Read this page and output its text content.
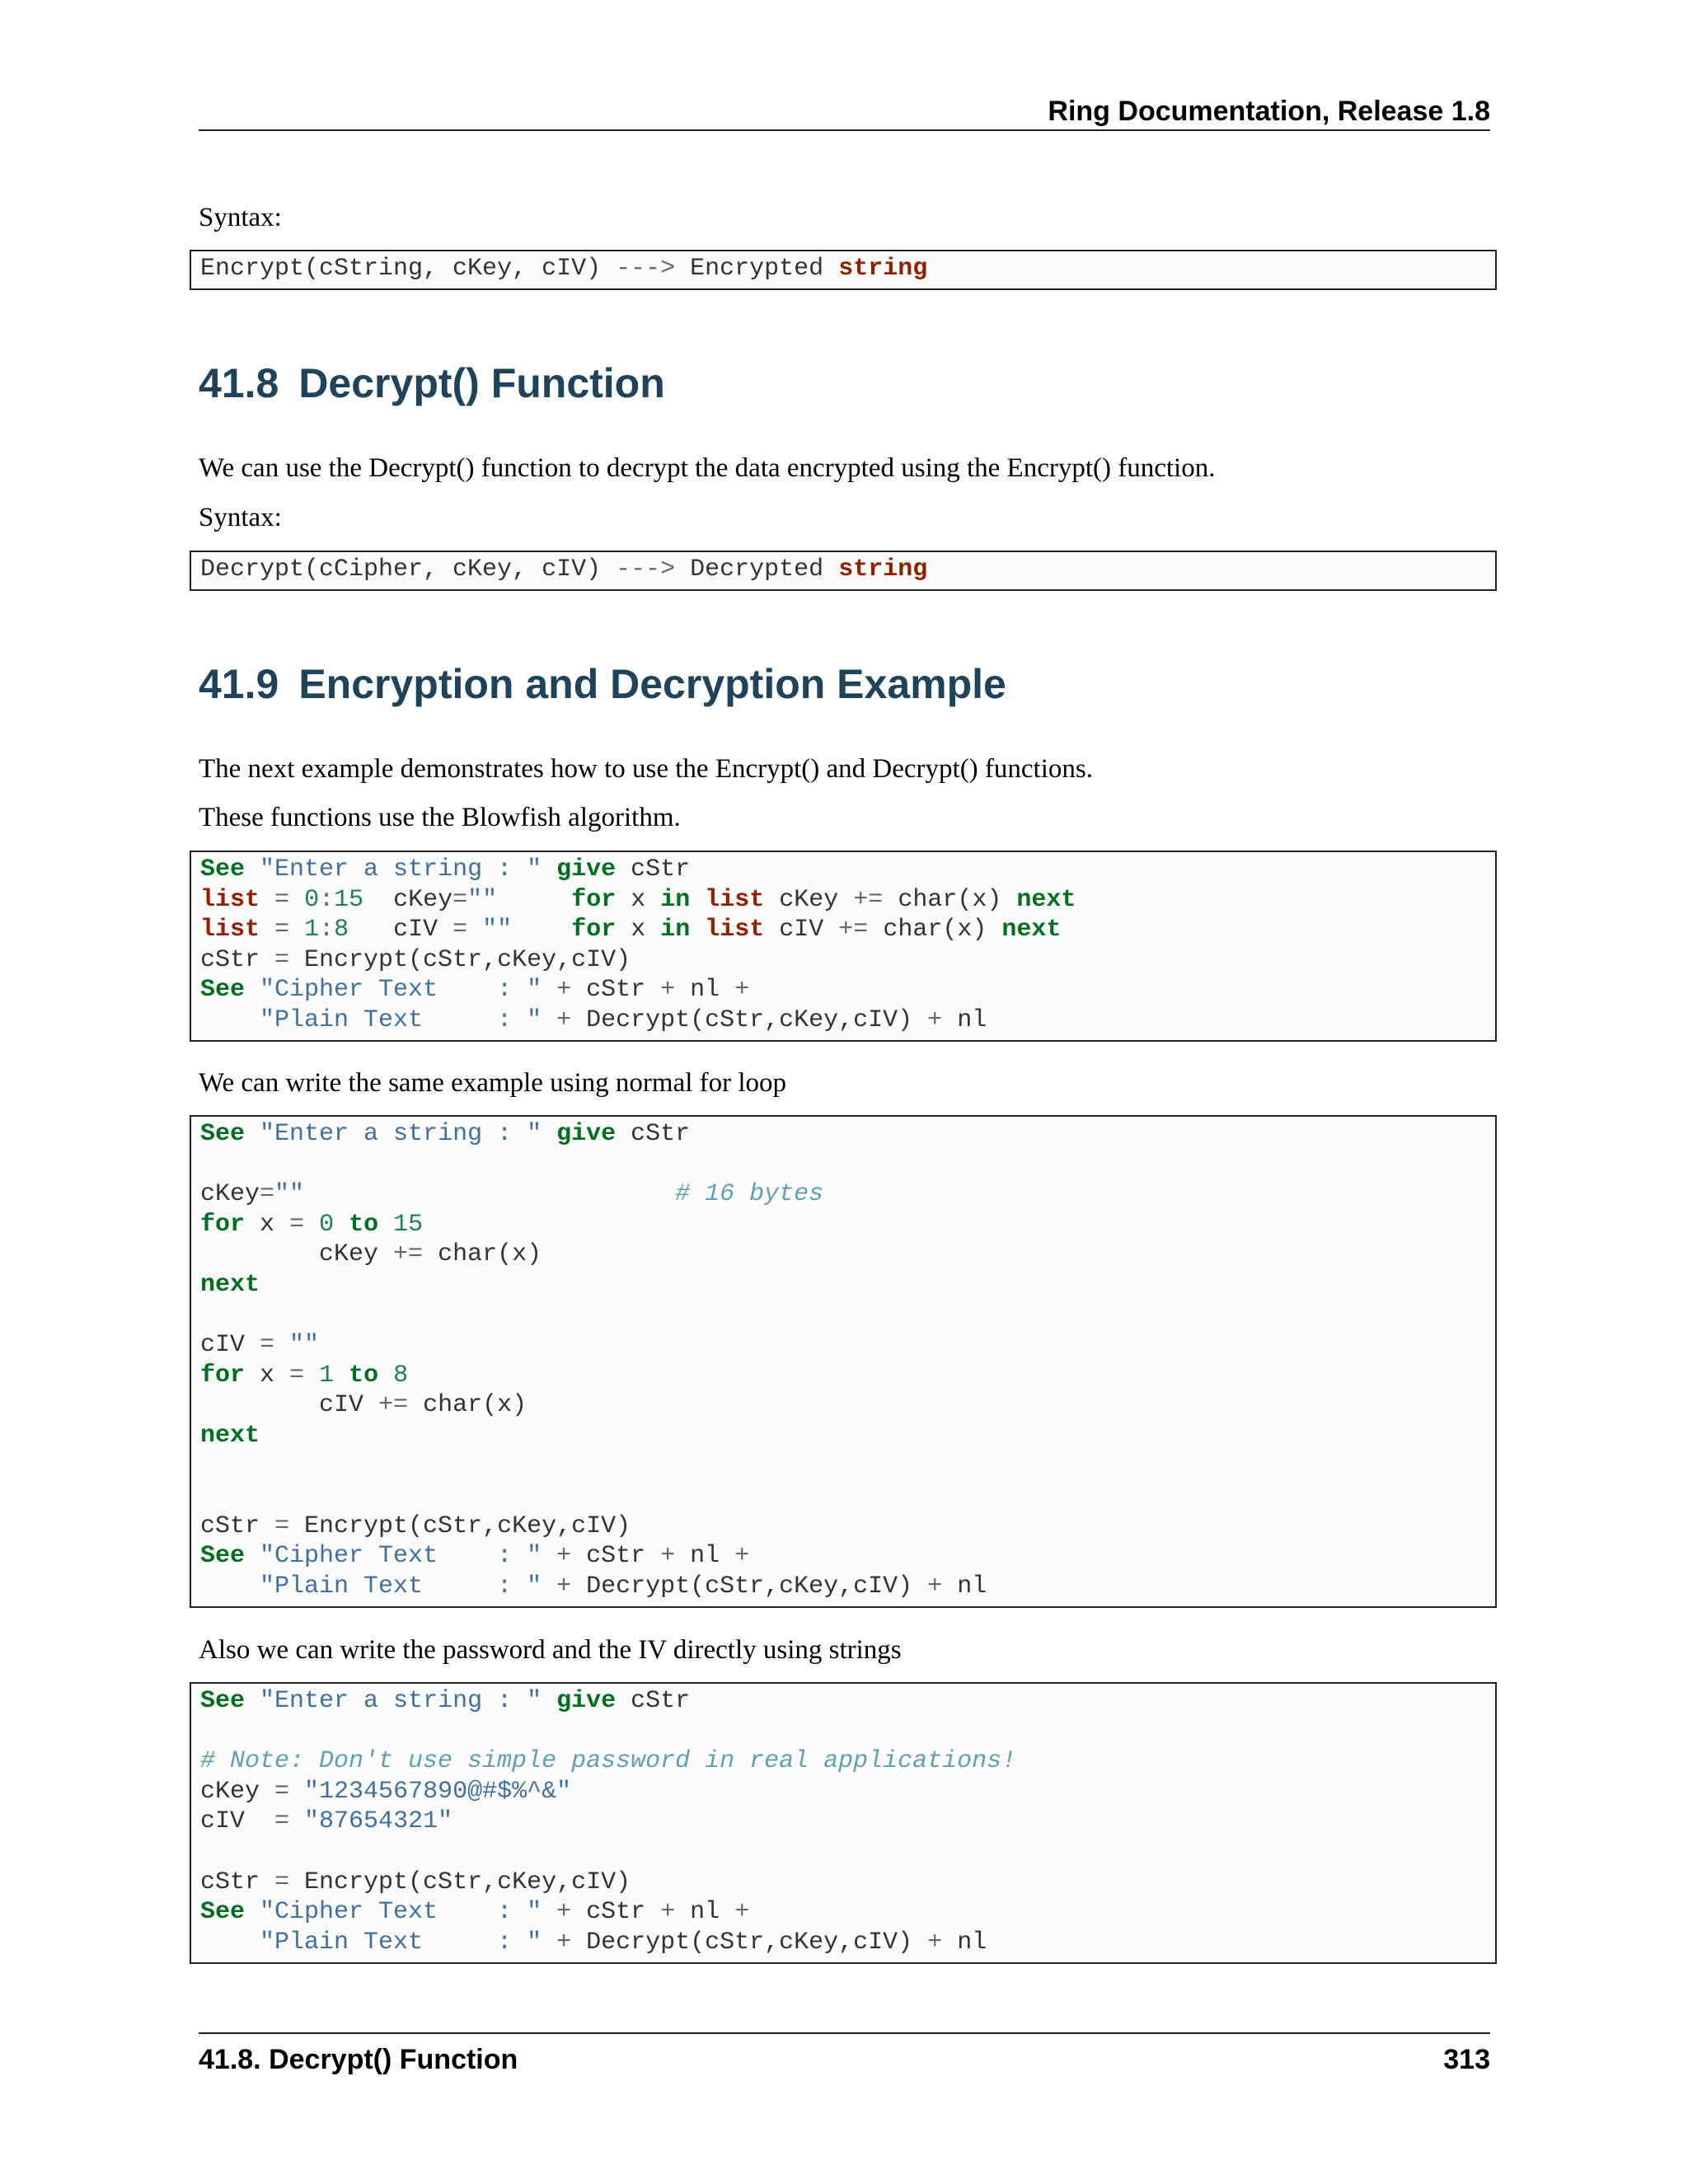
Ring Documentation, Release 1.8
Syntax:
Encrypt(cString, cKey, cIV) ---> Encrypted string
41.8 Decrypt() Function
We can use the Decrypt() function to decrypt the data encrypted using the Encrypt() function.
Syntax:
Decrypt(cCipher, cKey, cIV) ---> Decrypted string
41.9 Encryption and Decryption Example
The next example demonstrates how to use the Encrypt() and Decrypt() functions.
These functions use the Blowfish algorithm.
See "Enter a string : " give cStr
list = 0:15  cKey=""	for x in list cKey += char(x) next
list = 1:8   cIV = "" for x in list cIV += char(x) next
cStr = Encrypt(cStr,cKey,cIV)
See "Cipher Text    : " + cStr + nl +
"Plain Text     : " + Decrypt(cStr,cKey,cIV) + nl
We can write the same example using normal for loop
See "Enter a string : " give cStr
cKey=""	# 16 bytes
for x = 0 to 15
cKey += char(x)
next
cIV = ""
for x = 1 to 8
cIV += char(x)
next
cStr = Encrypt(cStr,cKey,cIV)
See "Cipher Text    : " + cStr + nl +
"Plain Text     : " + Decrypt(cStr,cKey,cIV) + nl
Also we can write the password and the IV directly using strings
See "Enter a string : " give cStr
# Note: Don't use simple password in real applications!
cKey = "1234567890@#$%^&"
cIV  = "87654321"
cStr = Encrypt(cStr,cKey,cIV)
See "Cipher Text    : " + cStr + nl +
"Plain Text     : " + Decrypt(cStr,cKey,cIV) + nl
41.8. Decrypt() Function	313
